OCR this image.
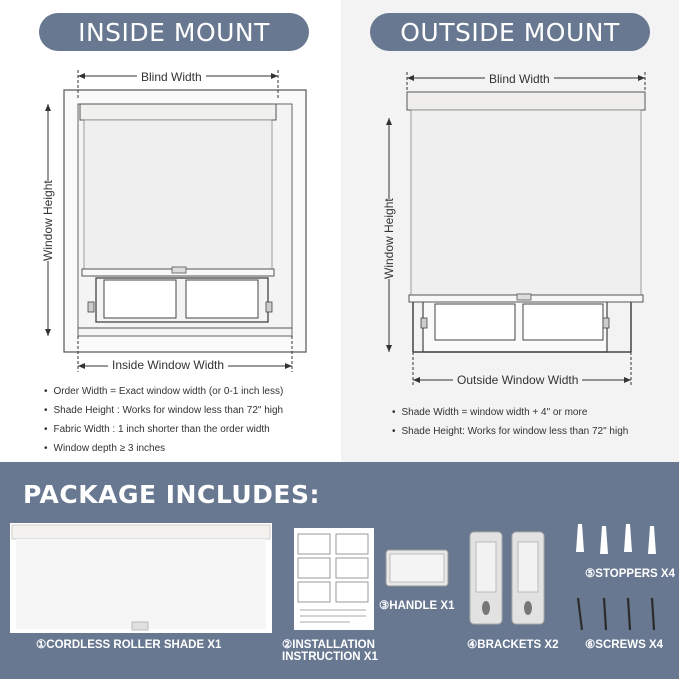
INSIDE MOUNT
Blind Width
Window Height
Inside Window Width
• Order Width = Exact window width (or 0-1 inch less)
• Shade Height : Works for window less than 72" high
• Fabric Width : 1 inch shorter than the order width
• Window depth ≥ 3 inches
Blind Width
Window Height
Outside Window Width
• Shade Width = window width + 4" or more
• Shade Height: Works for window less than 72" high
OUTSIDE MOUNT
PACKAGE INCLUDES:
①CORDLESS ROLLER SHADE X1	②INSTALLATION
INSTRUCTION X1
③HANDLE X1
④BRACKETS X2
⑤STOPPERS X4
⑥SCREWS X4
